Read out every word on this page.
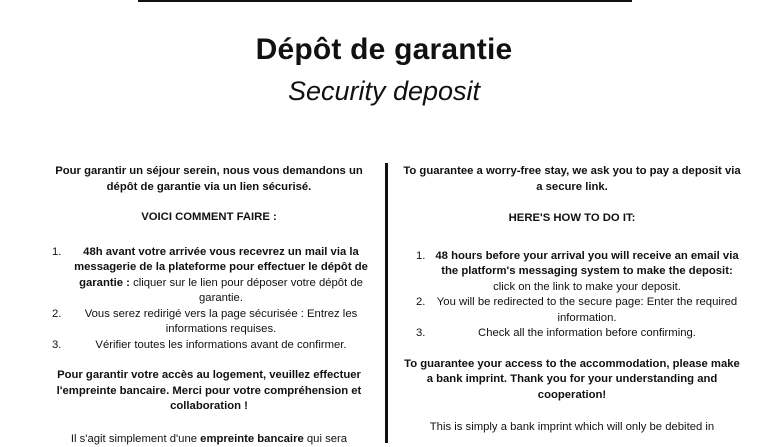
Dépôt de garantie
Security deposit

Pour garantir un séjour serein, nous vous demandons un dépôt de garantie via un lien sécurisé.

VOICI COMMENT FAIRE :

1. 48h avant votre arrivée vous recevrez un mail via la messagerie de la plateforme pour effectuer le dépôt de garantie : cliquer sur le lien pour déposer votre dépôt de garantie.
2. Vous serez redirigé vers la page sécurisée : Entrez les informations requises.
3.	Vérifier toutes les informations avant de confirmer.

Pour garantir votre accès au logement, veuillez effectuer l'empreinte bancaire. Merci pour votre compréhension et collaboration !

Il s'agit simplement d'une empreinte bancaire qui sera

To guarantee a worry-free stay, we ask you to pay a deposit via a secure link.

HERE'S HOW TO DO IT:

1. 48 hours before your arrival you will receive an email via the platform's messaging system to make the deposit: click on the link to make your deposit.
2. You will be redirected to the secure page: Enter the required information.
3.	Check all the information before confirming.

To guarantee your access to the accommodation, please make a bank imprint. Thank you for your understanding and cooperation!

This is simply a bank imprint which will only be debited in
